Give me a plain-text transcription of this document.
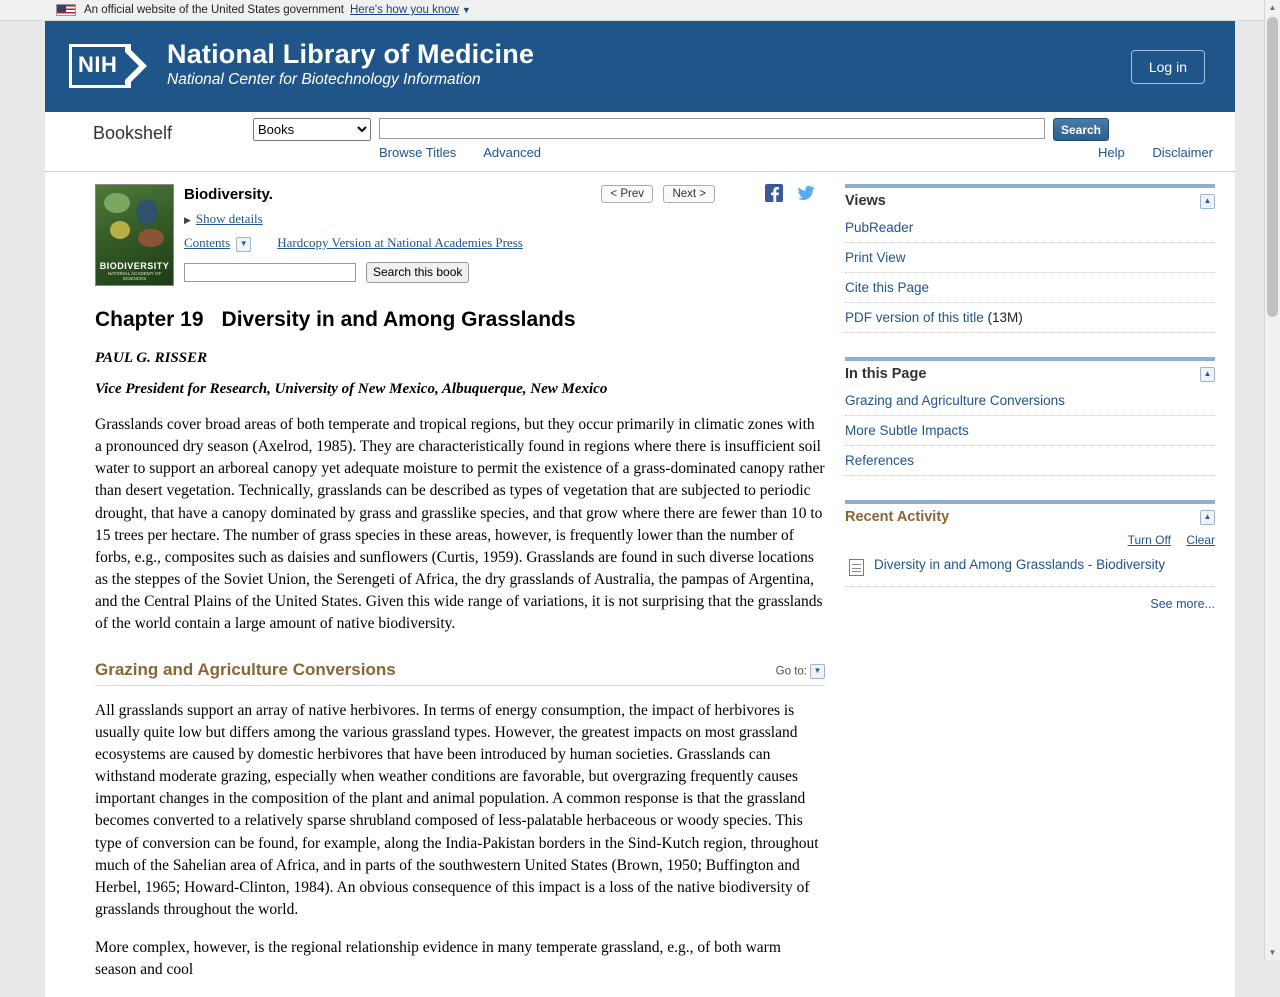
An official website of the United States government Here's how you know ▼
NIH National Library of Medicine
National Center for Biotechnology Information
Log in
Bookshelf
Books	Search
Browse Titles Advanced	Help Disclaimer
BIODIVERSITY
NATIONAL ACADEMY OF SCIENCES
Biodiversity.
▶ Show details
Contents ▼ Hardcopy Version at National Academies Press
Search this book
< Prev Next >

Chapter 19 Diversity in and Among Grasslands
PAUL G. RISSER
Vice President for Research, University of New Mexico, Albuquerque, New Mexico

Grasslands cover broad areas of both temperate and tropical regions, but they occur primarily in climatic zones with a pronounced dry season (Axelrod, 1985). They are characteristically found in regions where there is insufficient soil water to support an arboreal canopy yet adequate moisture to permit the existence of a grass-dominated canopy rather than desert vegetation. Technically, grasslands can be described as types of vegetation that are subjected to periodic drought, that have a canopy dominated by grass and grasslike species, and that grow where there are fewer than 10 to 15 trees per hectare. The number of grass species in these areas, however, is frequently lower than the number of forbs, e.g., composites such as daisies and sunflowers (Curtis, 1959). Grasslands are found in such diverse locations as the steppes of the Soviet Union, the Serengeti of Africa, the dry grasslands of Australia, the pampas of Argentina, and the Central Plains of the United States. Given this wide range of variations, it is not surprising that the grasslands of the world contain a large amount of native biodiversity.

Grazing and Agriculture Conversions	Go to: ▼

All grasslands support an array of native herbivores. In terms of energy consumption, the impact of herbivores is usually quite low but differs among the various grassland types. However, the greatest impacts on most grassland ecosystems are caused by domestic herbivores that have been introduced by human societies. Grasslands can withstand moderate grazing, especially when weather conditions are favorable, but overgrazing frequently causes important changes in the composition of the plant and animal population. A common response is that the grassland becomes converted to a relatively sparse shrubland composed of less-palatable herbaceous or woody species. This type of conversion can be found, for example, along the India-Pakistan borders in the Sind-Kutch region, throughout much of the Sahelian area of Africa, and in parts of the southwestern United States (Brown, 1950; Buffington and Herbel, 1965; Howard-Clinton, 1984). An obvious consequence of this impact is a loss of the native biodiversity of grasslands throughout the world.

More complex, however, is the regional relationship evidence in many temperate grassland, e.g., of both warm season and cool

Views	▲
PubReader
Print View
Cite this Page
PDF version of this title (13M)
In this Page	▲
Grazing and Agriculture Conversions
More Subtle Impacts
References
Recent Activity	▲
Turn Off Clear
Diversity in and Among Grasslands - Biodiversity
See more...
▲
▼
